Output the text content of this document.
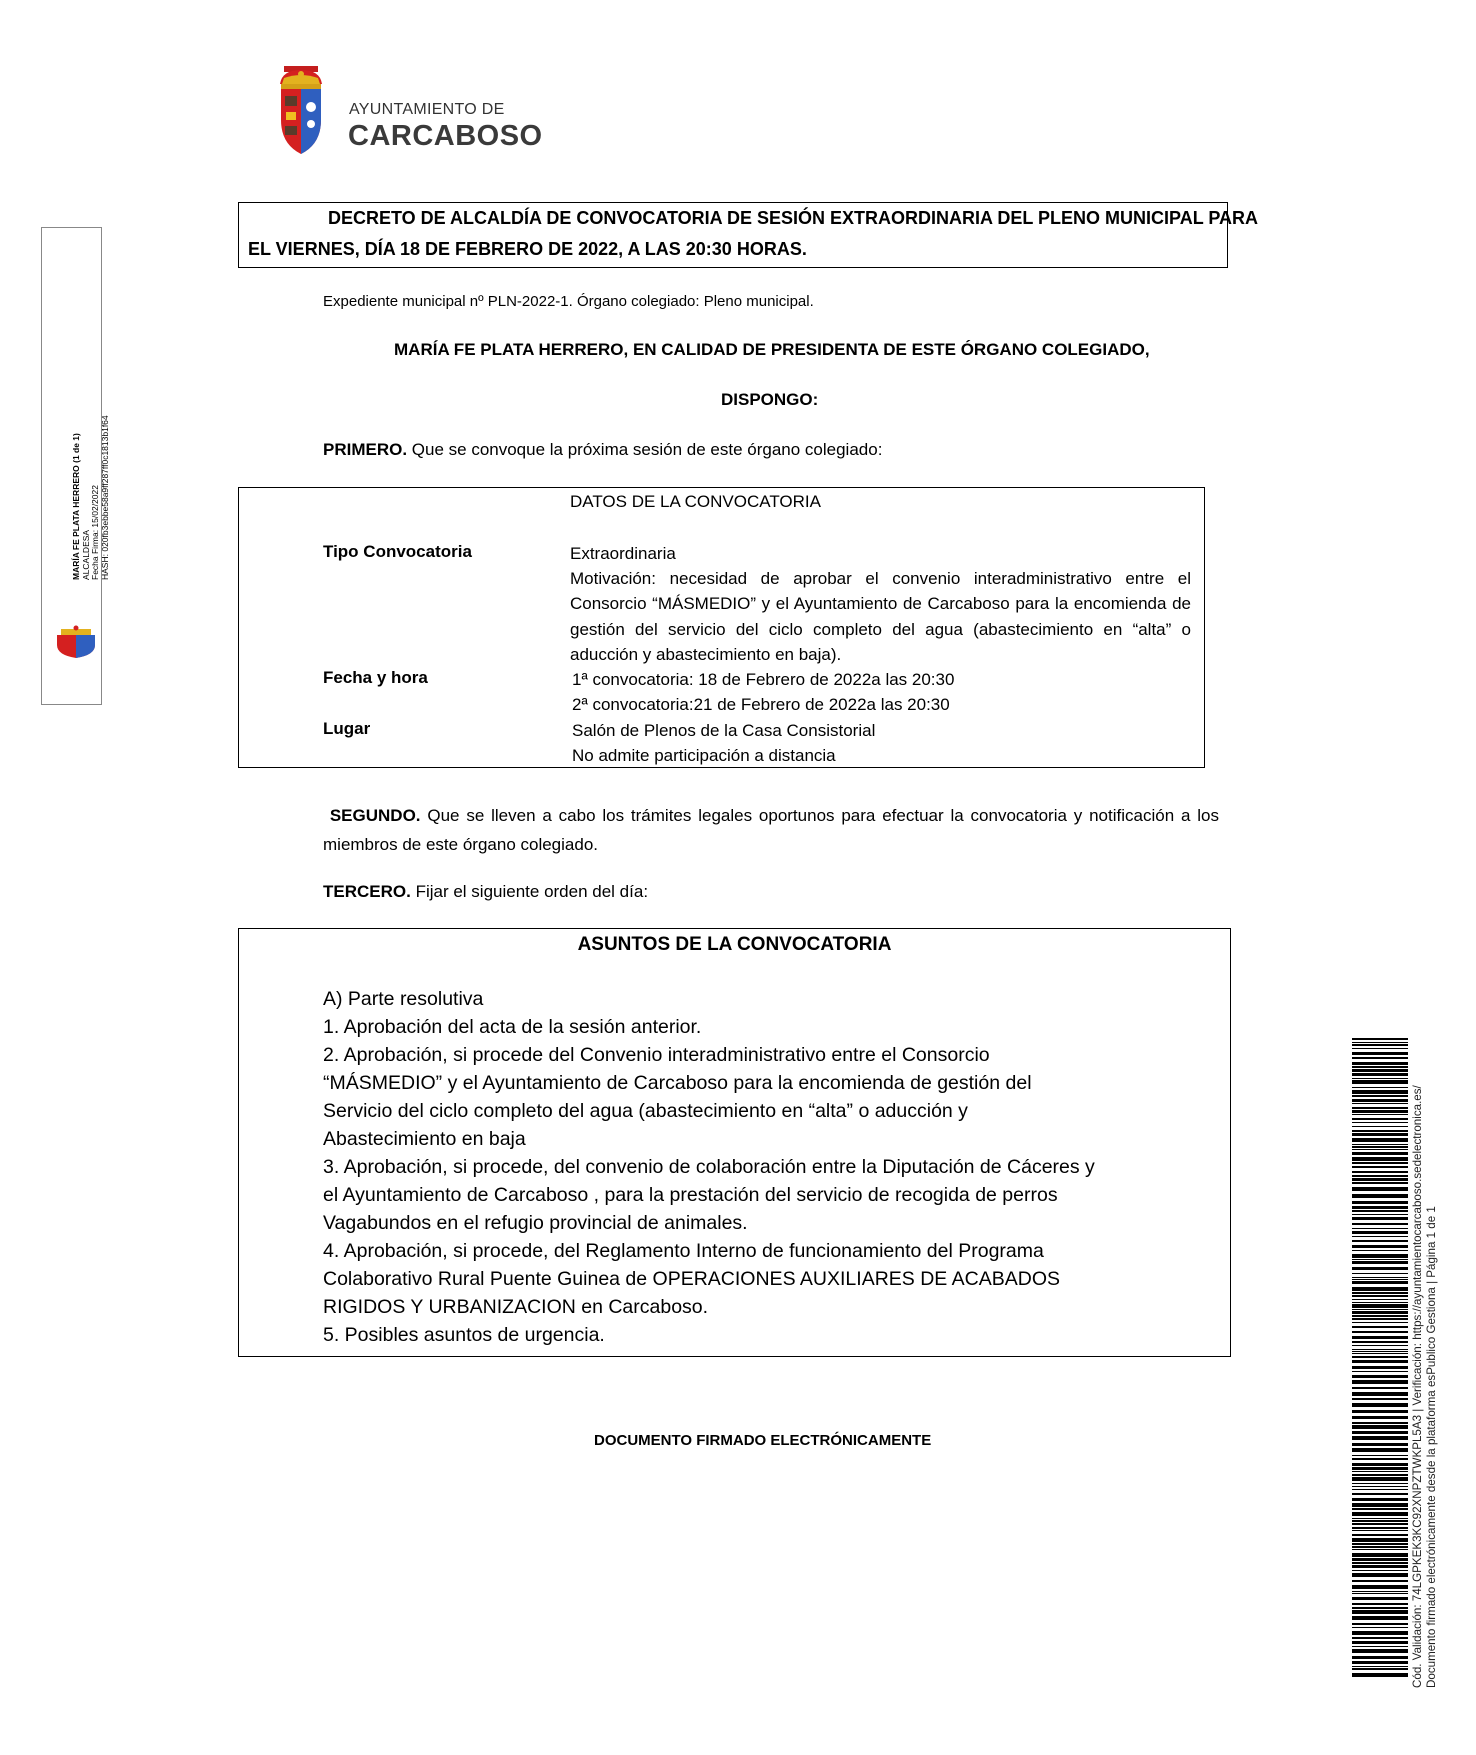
AYUNTAMIENTO DE
CARCABOSO
DECRETO DE ALCALDÍA DE CONVOCATORIA DE SESIÓN EXTRAORDINARIA DEL PLENO MUNICIPAL PARA
EL VIERNES, DÍA 18 DE FEBRERO DE 2022, A LAS 20:30 HORAS.
Expediente municipal nº PLN-2022-1. Órgano colegiado: Pleno municipal.
MARÍA FE PLATA HERRERO, EN CALIDAD DE PRESIDENTA DE ESTE ÓRGANO COLEGIADO,
DISPONGO:
PRIMERO. Que se convoque la próxima sesión de este órgano colegiado:
DATOS DE LA CONVOCATORIA
Tipo Convocatoria	Extraordinaria
Motivación: necesidad de aprobar el convenio interadministrativo entre el Consorcio “MÁSMEDIO” y el Ayuntamiento de Carcaboso para la encomienda de gestión del servicio del ciclo completo del agua (abastecimiento en “alta” o aducción y abastecimiento en baja).
Fecha y hora	1ª convocatoria: 18 de Febrero de 2022a las 20:30
2ª convocatoria:21 de Febrero de 2022a las 20:30
Lugar	Salón de Plenos de la Casa Consistorial
No admite participación a distancia
SEGUNDO. Que se lleven a cabo los trámites legales oportunos para efectuar la convocatoria y notificación a los miembros de este órgano colegiado.
TERCERO. Fijar el siguiente orden del día:
ASUNTOS DE LA CONVOCATORIA
A) Parte resolutiva
1. Aprobación del acta de la sesión anterior.
2. Aprobación, si procede del Convenio interadministrativo entre el Consorcio
“MÁSMEDIO” y el Ayuntamiento de Carcaboso para la encomienda de gestión del
Servicio del ciclo completo del agua (abastecimiento en “alta” o aducción y
Abastecimiento en baja
3. Aprobación, si procede, del convenio de colaboración entre la Diputación de Cáceres y
el Ayuntamiento de Carcaboso , para la prestación del servicio de recogida de perros
Vagabundos en el refugio provincial de animales.
4. Aprobación, si procede, del Reglamento Interno de funcionamiento del Programa
Colaborativo Rural Puente Guinea de OPERACIONES AUXILIARES DE ACABADOS
RIGIDOS Y URBANIZACION en Carcaboso.
5. Posibles asuntos de urgencia.
DOCUMENTO FIRMADO ELECTRÓNICAMENTE
MARÍA FE PLATA HERRERO (1 de 1) ALCALDESA Fecha Firma: 15/02/2022 HASH: 020fb3ebbe58a9ff287ff0c1813b1f64
Cód. Validación: 74LGPKEK3KC92XNPZTWKPL5A3 | Verificación: https://ayuntamientocarcaboso.sedelectronica.es/ Documento firmado electrónicamente desde la plataforma esPublico Gestiona | Página 1 de 1
